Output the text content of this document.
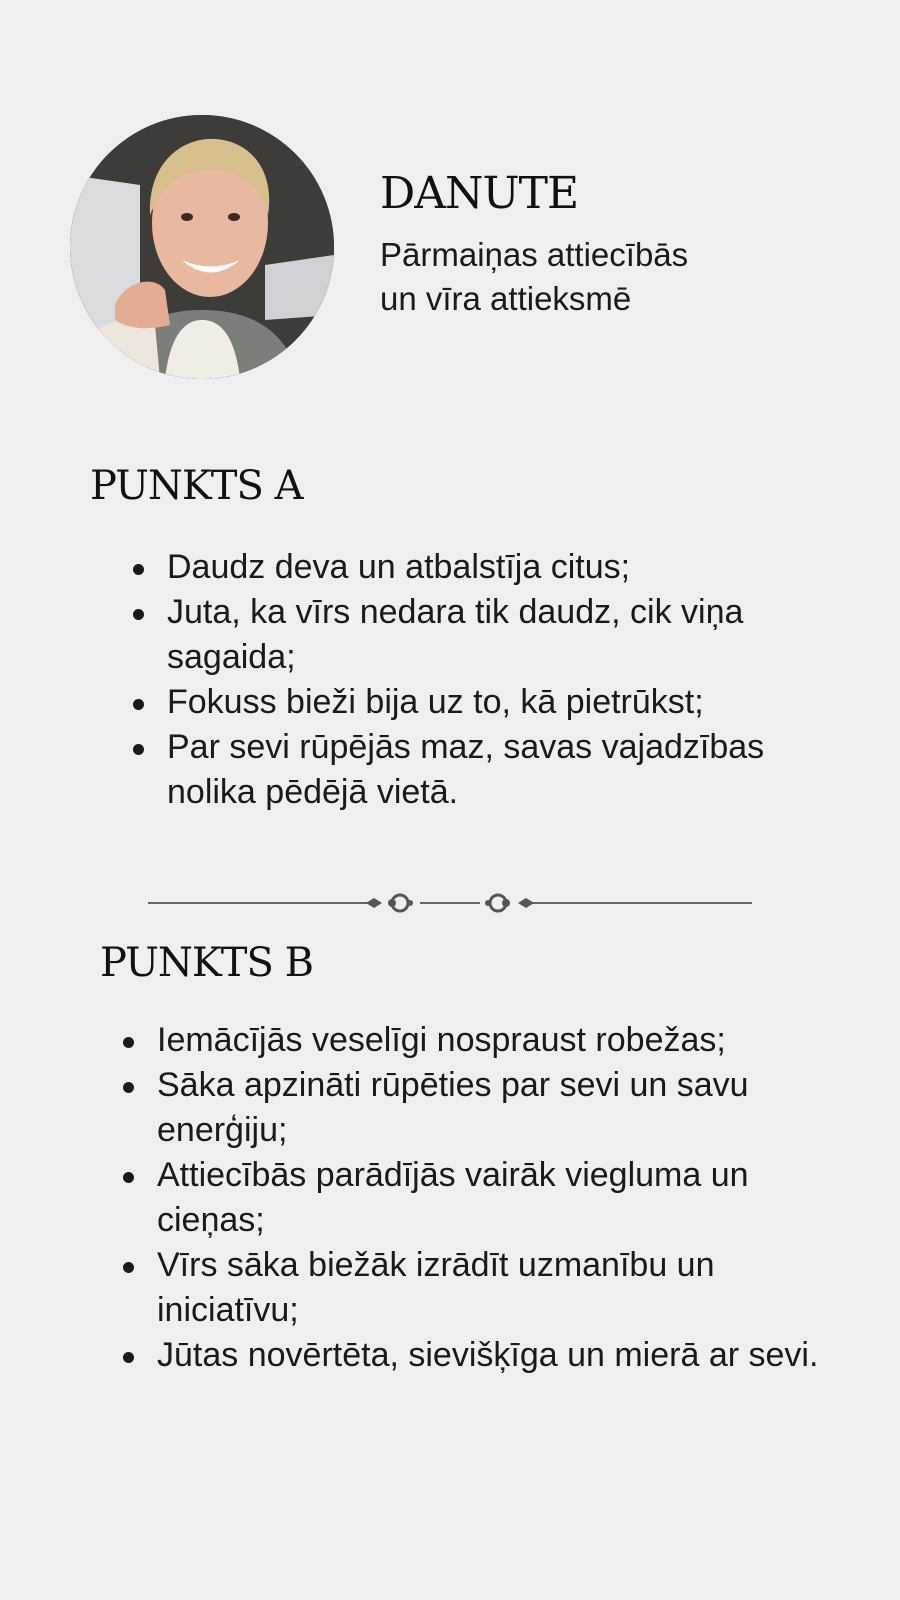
DANUTE
Pārmaiņas attiecībās
un vīra attieksmē
PUNKTS A
Daudz deva un atbalstīja citus;
Juta, ka vīrs nedara tik daudz, cik viņa sagaida;
Fokuss bieži bija uz to, kā pietrūkst;
Par sevi rūpējās maz, savas vajadzības nolika pēdējā vietā.
PUNKTS B
Iemācījās veselīgi nospraust robežas;
Sāka apzināti rūpēties par sevi un savu enerģiju;
Attiecībās parādījās vairāk viegluma un cieņas;
Vīrs sāka biežāk izrādīt uzmanību un iniciatīvu;
Jūtas novērtēta, sievišķīga un mierā ar sevi.
